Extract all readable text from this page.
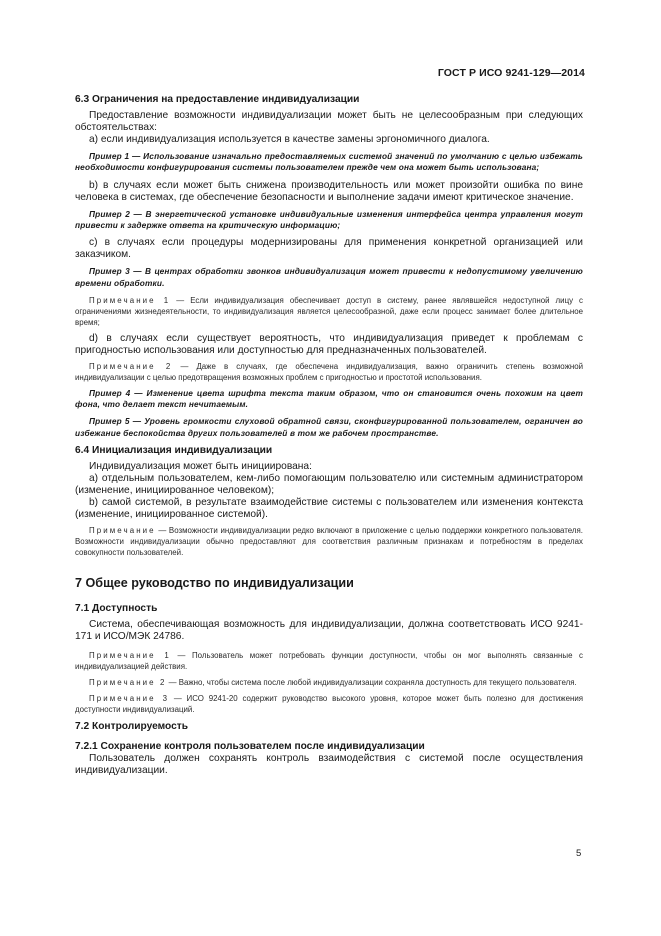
ГОСТ Р ИСО 9241-129—2014

6.3 Ограничения на предоставление индивидуализации

Предоставление возможности индивидуализации может быть не целесообразным при следующих обстоятельствах:

a) если индивидуализация используется в качестве замены эргономичного диалога.

Пример 1 — Использование изначально предоставляемых системой значений по умолчанию с целью избежать необходимости конфигурирования системы пользователем прежде чем она может быть использована;

b) в случаях если может быть снижена производительность или может произойти ошибка по вине человека в системах, где обеспечение безопасности и выполнение задачи имеют критическое значение.

Пример 2 — В энергетической установке индивидуальные изменения интерфейса центра управления могут привести к задержке ответа на критическую информацию;

c) в случаях если процедуры модернизированы для применения конкретной организацией или заказчиком.

Пример 3 — В центрах обработки звонков индивидуализация может привести к недопустимому увеличению времени обработки.

Примечание 1 — Если индивидуализация обеспечивает доступ в систему, ранее являвшейся недоступной лицу с ограничениями жизнедеятельности, то индивидуализация является целесообразной, даже если процесс занимает более длительное время;

d) в случаях если существует вероятность, что индивидуализация приведет к проблемам с пригодностью использования или доступностью для предназначенных пользователей.

Примечание 2 — Даже в случаях, где обеспечена индивидуализация, важно ограничить степень возможной индивидуализации с целью предотвращения возможных проблем с пригодностью и простотой использования.

Пример 4 — Изменение цвета шрифта текста таким образом, что он становится очень похожим на цвет фона, что делает текст нечитаемым.

Пример 5 — Уровень громкости слуховой обратной связи, сконфигурированной пользователем, ограничен во избежание беспокойства других пользователей в том же рабочем пространстве.

6.4 Инициализация индивидуализации

Индивидуализация может быть инициирована:

a) отдельным пользователем, кем-либо помогающим пользователю или системным администратором (изменение, инициированное человеком);

b) самой системой, в результате взаимодействие системы с пользователем или изменения контекста (изменение, инициированное системой).

Примечание — Возможности индивидуализации редко включают в приложение с целью поддержки конкретного пользователя. Возможности индивидуализации обычно предоставляют для соответствия различным признакам и потребностям в пределах совокупности пользователей.

7 Общее руководство по индивидуализации

7.1 Доступность

Система, обеспечивающая возможность для индивидуализации, должна соответствовать ИСО 9241-171 и ИСО/МЭК 24786.

Примечание 1 — Пользователь может потребовать функции доступности, чтобы он мог выполнять связанные с индивидуализацией действия.

Примечание 2 — Важно, чтобы система после любой индивидуализации сохраняла доступность для текущего пользователя.

Примечание 3 — ИСО 9241-20 содержит руководство высокого уровня, которое может быть полезно для достижения доступности индивидуализаций.

7.2 Контролируемость

7.2.1 Сохранение контроля пользователем после индивидуализации

Пользователь должен сохранять контроль взаимодействия с системой после осуществления индивидуализации.

5
